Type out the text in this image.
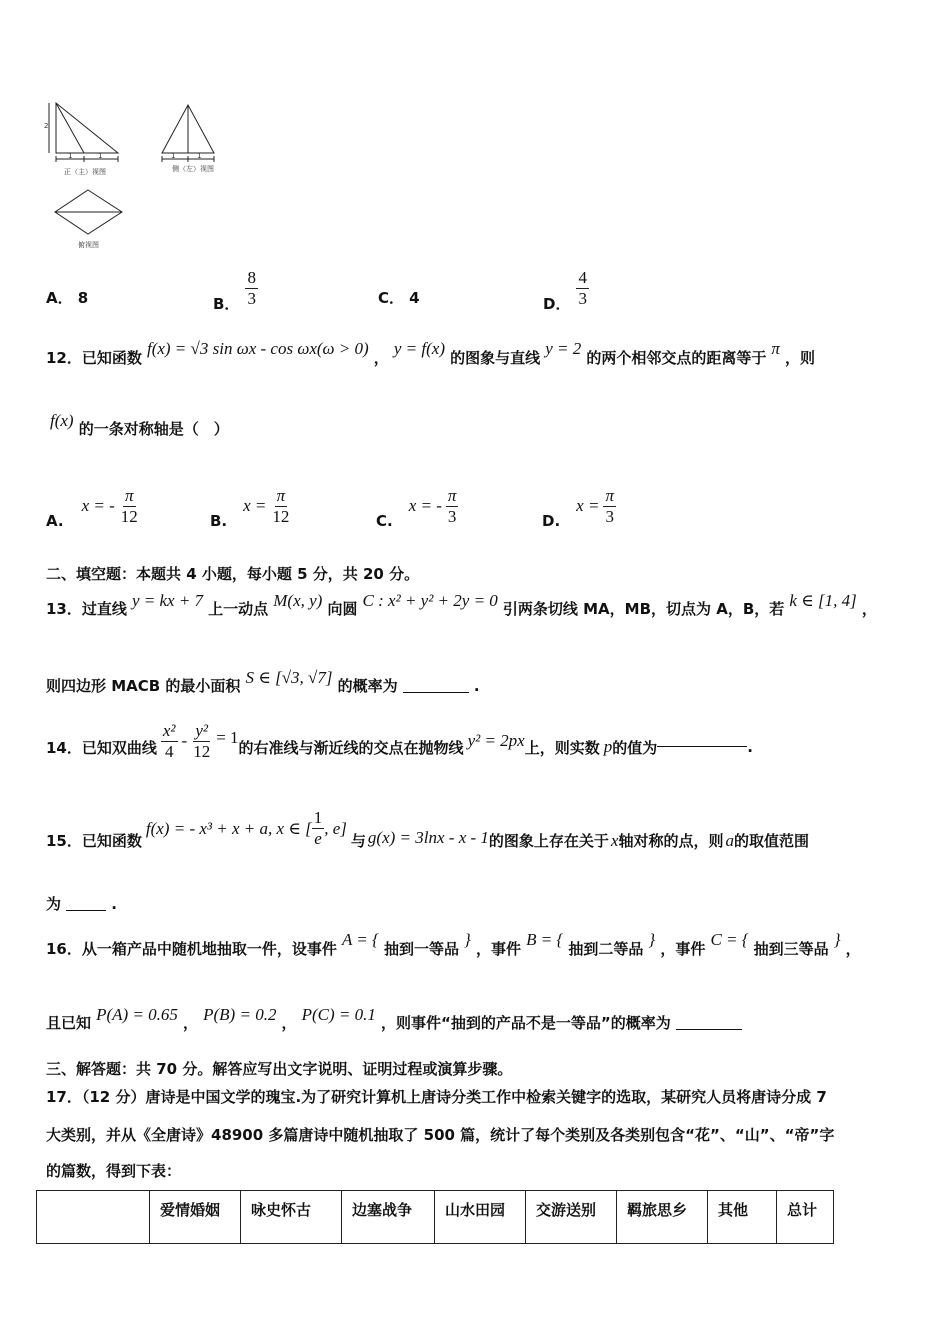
2
1	1	1	1
正（主）视图	侧（左）视图
俯视图
A． 8	B． $\frac{8}{3}$	C． 4	D． $\frac{4}{3}$
12．已知函数 f(x) = √3 sin ωx - cos ωx(ω > 0) ， y = f(x) 的图象与直线 y = 2 的两个相邻交点的距离等于 π ，则
f(x) 的一条对称轴是（　）
A.
x = - $\frac{\pi}{12}$	B.
$x = \frac{\pi}{12}$	C.
x = - $\frac{\pi}{3}$	D.
$x = \frac{\pi}{3}$
二、填空题：本题共 4 小题，每小题 5 分，共 20 分。
13．过直线 y = kx + 7 上一动点 M(x, y) 向圆 C : x² + y² + 2y = 0 引两条切线 MA，MB，切点为 A，B，若 k ∈ [1, 4] ，
则四边形 MACB 的最小面积 S ∈ [√3, √7] 的概率为	.
14．已知双曲线 $\frac{\text{x²}}{4} - \frac{\text{y²}}{12} = 1$
的右准线与渐近线的交点在抛物线 y² = 2px 上，则实数 p 的值为	.
15．已知函数
f(x) = - x³ + x + a, x ∈ [ $\frac{1}{e}$ , e]
与 g(x) = 3lnx - x - 1 的图象上存在关于 x 轴对称的点，则 a 的取值范围
为	.
16．从一箱产品中随机地抽取一件，设事件 A = { 抽到一等品 } ，事件 B = { 抽到二等品 } ，事件 C = { 抽到三等品 } ，
且已知 P(A) = 0.65 ， P(B) = 0.2 ， P(C) = 0.1 ，则事件“抽到的产品不是一等品”的概率为
三、解答题：共 70 分。解答应写出文字说明、证明过程或演算步骤。
17．（12 分）唐诗是中国文学的瑰宝.为了研究计算机上唐诗分类工作中检索关键字的选取，某研究人员将唐诗分成 7
大类别，并从《全唐诗》48900 多篇唐诗中随机抽取了 500 篇，统计了每个类别及各类别包含“花”、“山”、“帝”字
的篇数，得到下表：
	爱情婚姻	咏史怀古	边塞战争	山水田园	交游送别	羁旅思乡	其他	总计
